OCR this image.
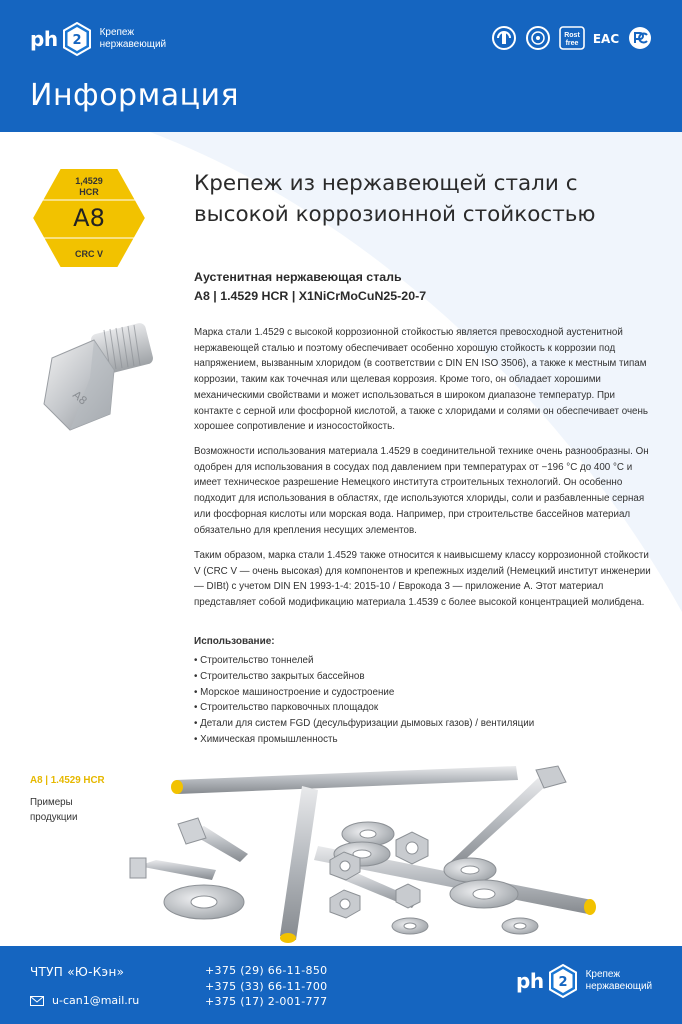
ph 2
Крепеж
нержавеющий
Rost
free EAC
Информация
1,4529
HCR
A8
CRC V
A8
Крепеж из нержавеющей стали с высокой коррозионной стойкостью
Аустенитная нержавеющая сталь
A8 | 1.4529 HCR | X1NiCrMoCuN25-20-7
Марка стали 1.4529 с высокой коррозионной стойкостью является превосходной аустенитной нержавеющей сталью и поэтому обеспечивает особенно хорошую стойкость к коррозии под напряжением, вызванным хлоридом (в соответствии с DIN EN ISO 3506), а также к местным типам коррозии, таким как точечная или щелевая коррозия. Кроме того, он обладает хорошими механическими свойствами и может использоваться в широком диапазоне температур. При контакте с серной или фосфорной кислотой, а также с хлоридами и солями он обеспечивает очень хорошее сопротивление и износостойкость.
Возможности использования материала 1.4529 в соединительной технике очень разнообразны. Он одобрен для использования в сосудах под давлением при температурах от −196 °C до 400 °C и имеет техническое разрешение Немецкого института строительных технологий. Он особенно подходит для использования в областях, где используются хлориды, соли и разбавленные серная или фосфорная кислоты или морская вода. Например, при строительстве бассейнов материал обязательно для крепления несущих элементов.
Таким образом, марка стали 1.4529 также относится к наивысшему классу коррозионной стойкости V (CRC V — очень высокая) для компонентов и крепежных изделий (Немецкий институт инженерии — DIBt) с учетом DIN EN 1993-1-4: 2015-10 / Еврокода 3 — приложение A. Этот материал представляет собой модификацию материала 1.4539 с более высокой концентрацией молибдена.
Использование:
• Строительство тоннелей
• Строительство закрытых бассейнов
• Морское машиностроение и судостроение
• Строительство парковочных площадок
• Детали для систем FGD (десульфуризации дымовых газов) / вентиляции
• Химическая промышленность
A8 | 1.4529 HCR
Примеры продукции
ЧТУП «Ю-Кэн»
u-can1@mail.ru
+375 (29) 66-11-850
+375 (33) 66-11-700
+375 (17) 2-001-777
ph 2
Крепеж
нержавеющий
